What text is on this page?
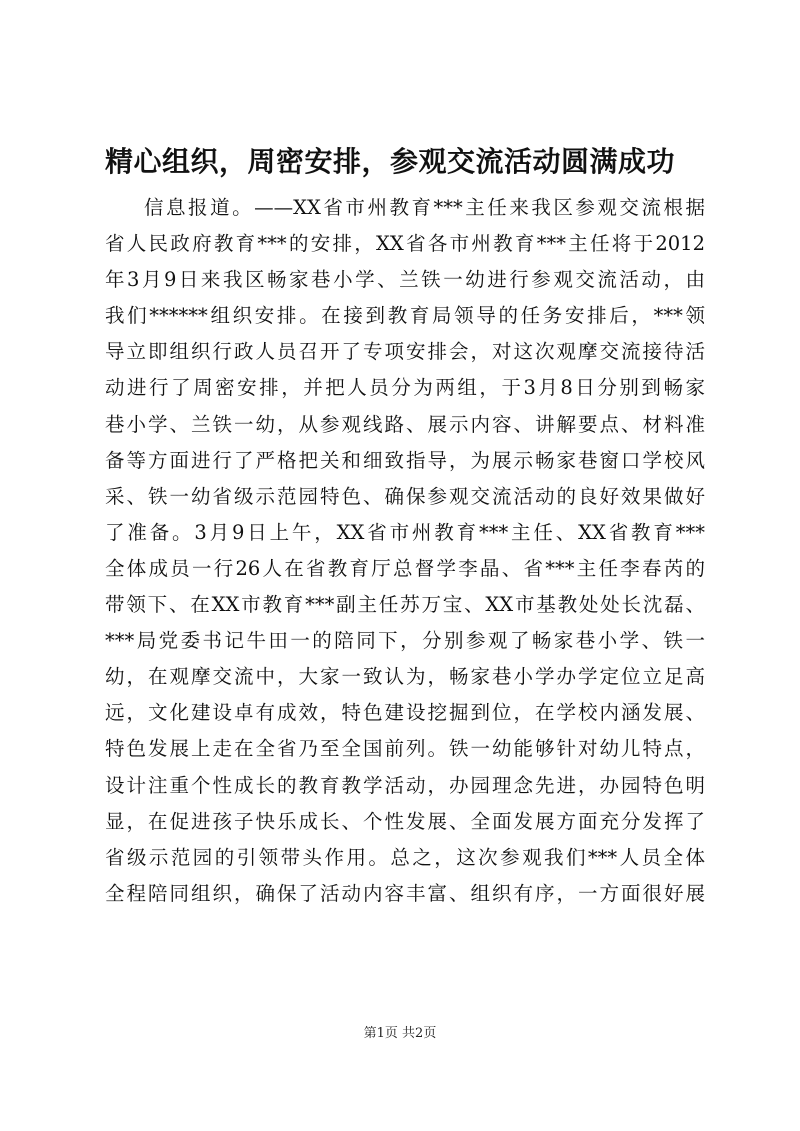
精心组织，周密安排，参观交流活动圆满成功
信息报道。——XX省市州教育***主任来我区参观交流根据
省人民政府教育***的安排，XX省各市州教育***主任将于2012
年3月9日来我区畅家巷小学、兰铁一幼进行参观交流活动，由
我们******组织安排。在接到教育局领导的任务安排后，***领
导立即组织行政人员召开了专项安排会，对这次观摩交流接待活
动进行了周密安排，并把人员分为两组，于3月8日分别到畅家
巷小学、兰铁一幼，从参观线路、展示内容、讲解要点、材料准
备等方面进行了严格把关和细致指导，为展示畅家巷窗口学校风
采、铁一幼省级示范园特色、确保参观交流活动的良好效果做好
了准备。3月9日上午，XX省市州教育***主任、XX省教育***
全体成员一行26人在省教育厅总督学李晶、省***主任李春芮的
带领下、在XX市教育***副主任苏万宝、XX市基教处处长沈磊、
***局党委书记牛田一的陪同下，分别参观了畅家巷小学、铁一
幼，在观摩交流中，大家一致认为，畅家巷小学办学定位立足高
远，文化建设卓有成效，特色建设挖掘到位，在学校内涵发展、
特色发展上走在全省乃至全国前列。铁一幼能够针对幼儿特点，
设计注重个性成长的教育教学活动，办园理念先进，办园特色明
显，在促进孩子快乐成长、个性发展、全面发展方面充分发挥了
省级示范园的引领带头作用。总之，这次参观我们***人员全体
全程陪同组织，确保了活动内容丰富、组织有序，一方面很好展
第1页 共2页
